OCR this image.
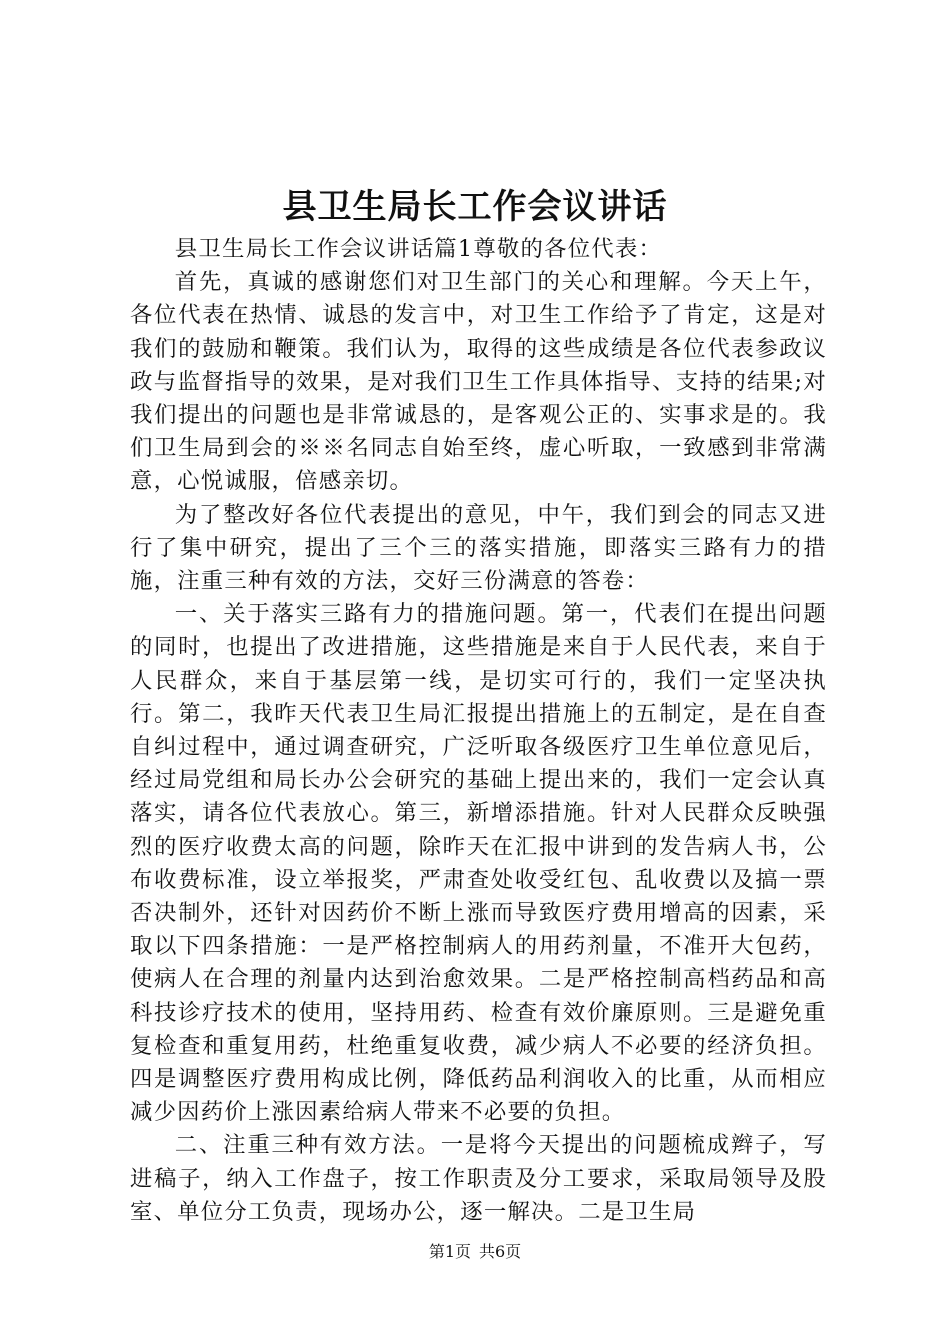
县卫生局长工作会议讲话

县卫生局长工作会议讲话篇1尊敬的各位代表：

首先，真诚的感谢您们对卫生部门的关心和理解。今天上午，各位代表在热情、诚恳的发言中，对卫生工作给予了肯定，这是对我们的鼓励和鞭策。我们认为，取得的这些成绩是各位代表参政议政与监督指导的效果，是对我们卫生工作具体指导、支持的结果;对我们提出的问题也是非常诚恳的，是客观公正的、实事求是的。我们卫生局到会的※※名同志自始至终，虚心听取，一致感到非常满意，心悦诚服，倍感亲切。

为了整改好各位代表提出的意见，中午，我们到会的同志又进行了集中研究，提出了三个三的落实措施，即落实三路有力的措施，注重三种有效的方法，交好三份满意的答卷：

一、关于落实三路有力的措施问题。第一，代表们在提出问题的同时，也提出了改进措施，这些措施是来自于人民代表，来自于人民群众，来自于基层第一线，是切实可行的，我们一定坚决执行。第二，我昨天代表卫生局汇报提出措施上的五制定，是在自查自纠过程中，通过调查研究，广泛听取各级医疗卫生单位意见后，经过局党组和局长办公会研究的基础上提出来的，我们一定会认真落实，请各位代表放心。第三，新增添措施。针对人民群众反映强烈的医疗收费太高的问题，除昨天在汇报中讲到的发告病人书，公布收费标准，设立举报奖，严肃查处收受红包、乱收费以及搞一票否决制外，还针对因药价不断上涨而导致医疗费用增高的因素，采取以下四条措施：一是严格控制病人的用药剂量，不准开大包药，使病人在合理的剂量内达到治愈效果。二是严格控制高档药品和高科技诊疗技术的使用，坚持用药、检查有效价廉原则。三是避免重复检查和重复用药，杜绝重复收费，减少病人不必要的经济负担。四是调整医疗费用构成比例，降低药品利润收入的比重，从而相应减少因药价上涨因素给病人带来不必要的负担。

二、注重三种有效方法。一是将今天提出的问题梳成辫子，写进稿子，纳入工作盘子，按工作职责及分工要求，采取局领导及股室、单位分工负责，现场办公，逐一解决。二是卫生局

第1页 共6页
